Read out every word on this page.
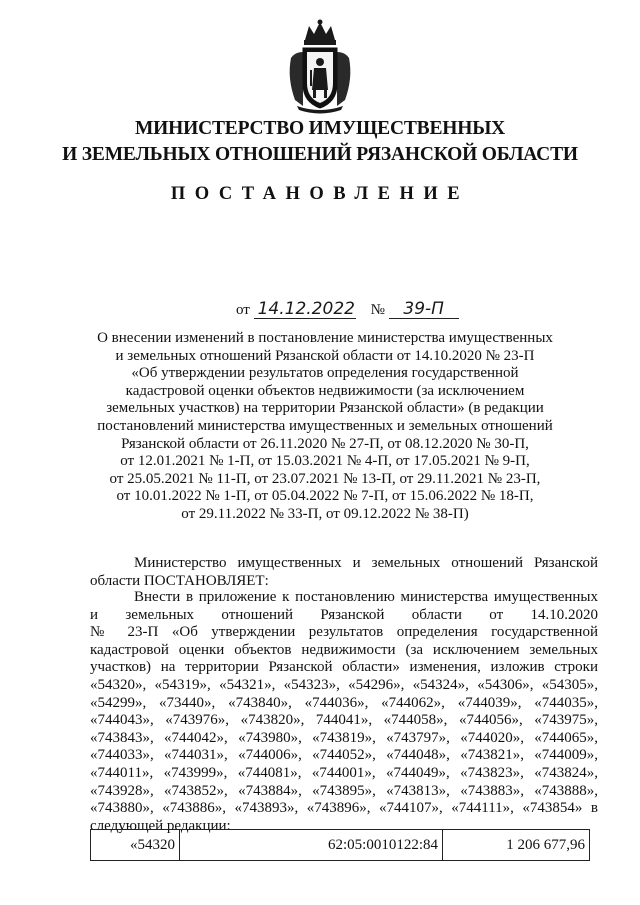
МИНИСТЕРСТВО ИМУЩЕСТВЕННЫХ
И ЗЕМЕЛЬНЫХ ОТНОШЕНИЙ РЯЗАНСКОЙ ОБЛАСТИ
ПОСТАНОВЛЕНИЕ
от 14.12.2022 № 39-П
О внесении изменений в постановление министерства имущественных
и земельных отношений Рязанской области от 14.10.2020 № 23-П
«Об утверждении результатов определения государственной
кадастровой оценки объектов недвижимости (за исключением
земельных участков) на территории Рязанской области» (в редакции
постановлений министерства имущественных и земельных отношений
Рязанской области от 26.11.2020 № 27-П, от 08.12.2020 № 30-П,
от 12.01.2021 № 1-П, от 15.03.2021 № 4-П, от 17.05.2021 № 9-П,
от 25.05.2021 № 11-П, от 23.07.2021 № 13-П, от 29.11.2021 № 23-П,
от 10.01.2022 № 1-П, от 05.04.2022 № 7-П, от 15.06.2022 № 18-П,
от 29.11.2022 № 33-П, от 09.12.2022 № 38-П)
Министерство имущественных и земельных отношений Рязанской
области ПОСТАНОВЛЯЕТ:
Внести в приложение к постановлению министерства имущественных
и земельных отношений Рязанской области от 14.10.2020
№ 23-П «Об утверждении результатов определения государственной
кадастровой оценки объектов недвижимости (за исключением земельных
участков) на территории Рязанской области» изменения, изложив строки
«54320», «54319», «54321», «54323», «54296», «54324», «54306», «54305»,
«54299», «73440», «743840», «744036», «744062», «744039», «744035»,
«744043», «743976», «743820», 744041», «744058», «744056», «743975»,
«743843», «744042», «743980», «743819», «743797», «744020», «744065»,
«744033», «744031», «744006», «744052», «744048», «743821», «744009»,
«744011», «743999», «744081», «744001», «744049», «743823», «743824»,
«743928», «743852», «743884», «743895», «743813», «743883», «743888»,
«743880», «743886», «743893», «743896», «744107», «744111», «743854» в
следующей редакции:
«54320	62:05:0010122:84	1 206 677,96
